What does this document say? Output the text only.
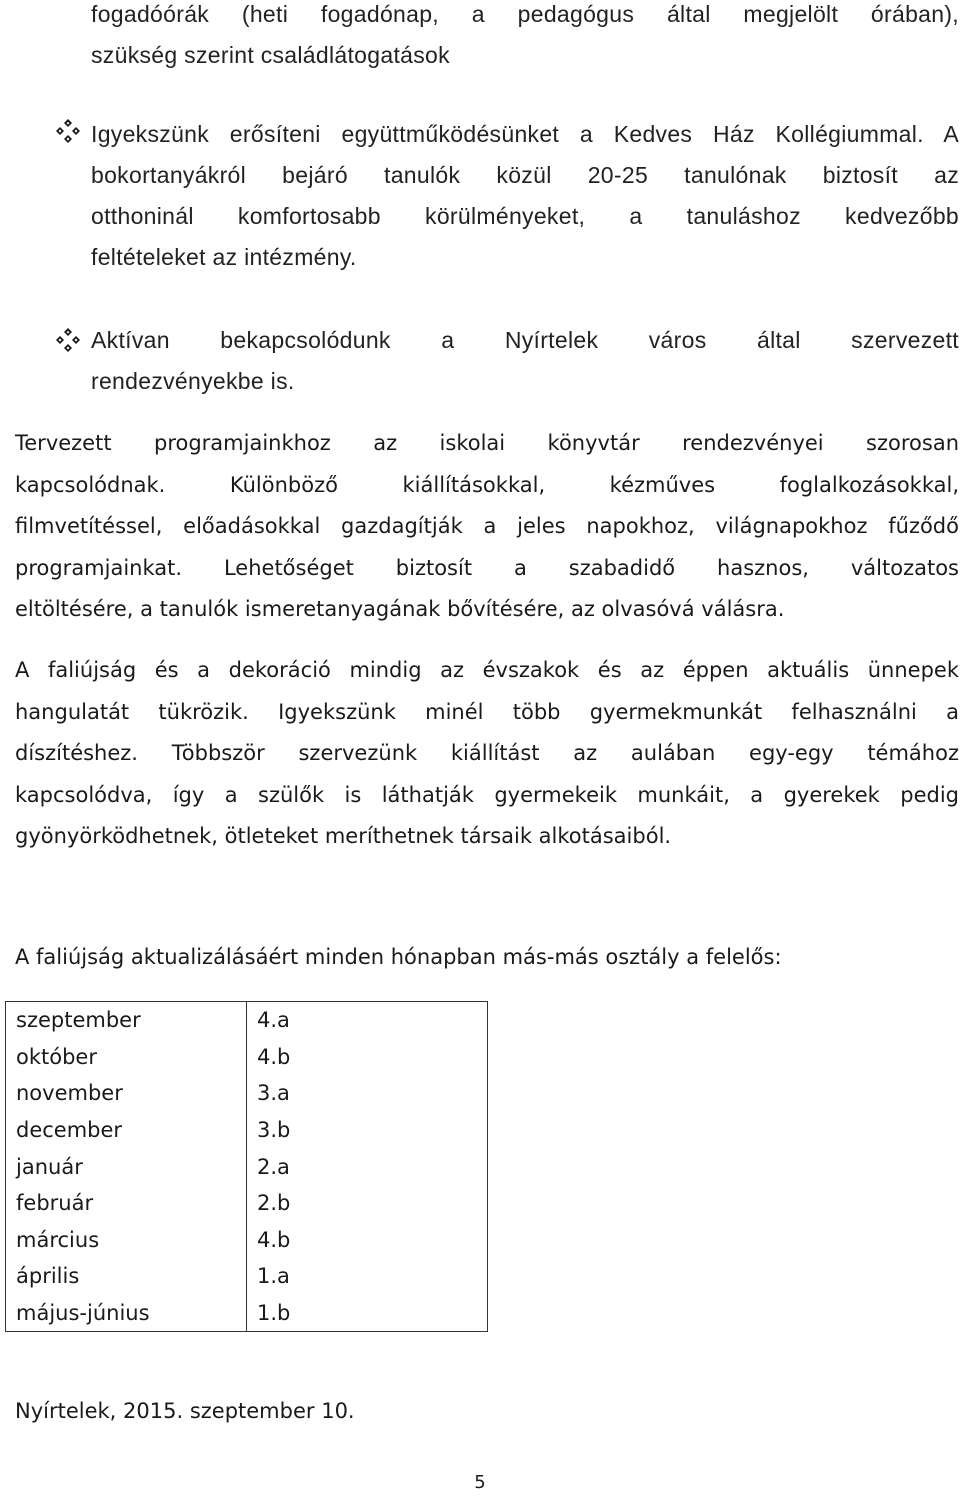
fogadóórák (heti fogadónap, a pedagógus által megjelölt órában),
szükség szerint családlátogatások
Igyekszünk erősíteni együttműködésünket a Kedves Ház Kollégiummal. A
bokortanyákról bejáró tanulók közül 20-25 tanulónak biztosít az
otthoninál komfortosabb körülményeket, a tanuláshoz kedvezőbb
feltételeket az intézmény.
Aktívan bekapcsolódunk a Nyírtelek város által szervezett
rendezvényekbe is.
Tervezett programjainkhoz az iskolai könyvtár rendezvényei szorosan
kapcsolódnak. Különböző kiállításokkal, kézműves foglalkozásokkal,
filmvetítéssel, előadásokkal gazdagítják a jeles napokhoz, világnapokhoz fűződő
programjainkat. Lehetőséget biztosít a szabadidő hasznos, változatos
eltöltésére, a tanulók ismeretanyagának bővítésére, az olvasóvá válásra.
A faliújság és a dekoráció mindig az évszakok és az éppen aktuális ünnepek
hangulatát tükrözik. Igyekszünk minél több gyermekmunkát felhasználni a
díszítéshez. Többször szervezünk kiállítást az aulában egy-egy témához
kapcsolódva, így a szülők is láthatják gyermekeik munkáit, a gyerekek pedig
gyönyörködhetnek, ötleteket meríthetnek társaik alkotásaiból.
A faliújság aktualizálásáért minden hónapban más-más osztály a felelős:
szeptember	4.a
október	4.b
november	3.a
december	3.b
január	2.a
február	2.b
március	4.b
április	1.a
május-június	1.b
Nyírtelek, 2015. szeptember 10.
5
